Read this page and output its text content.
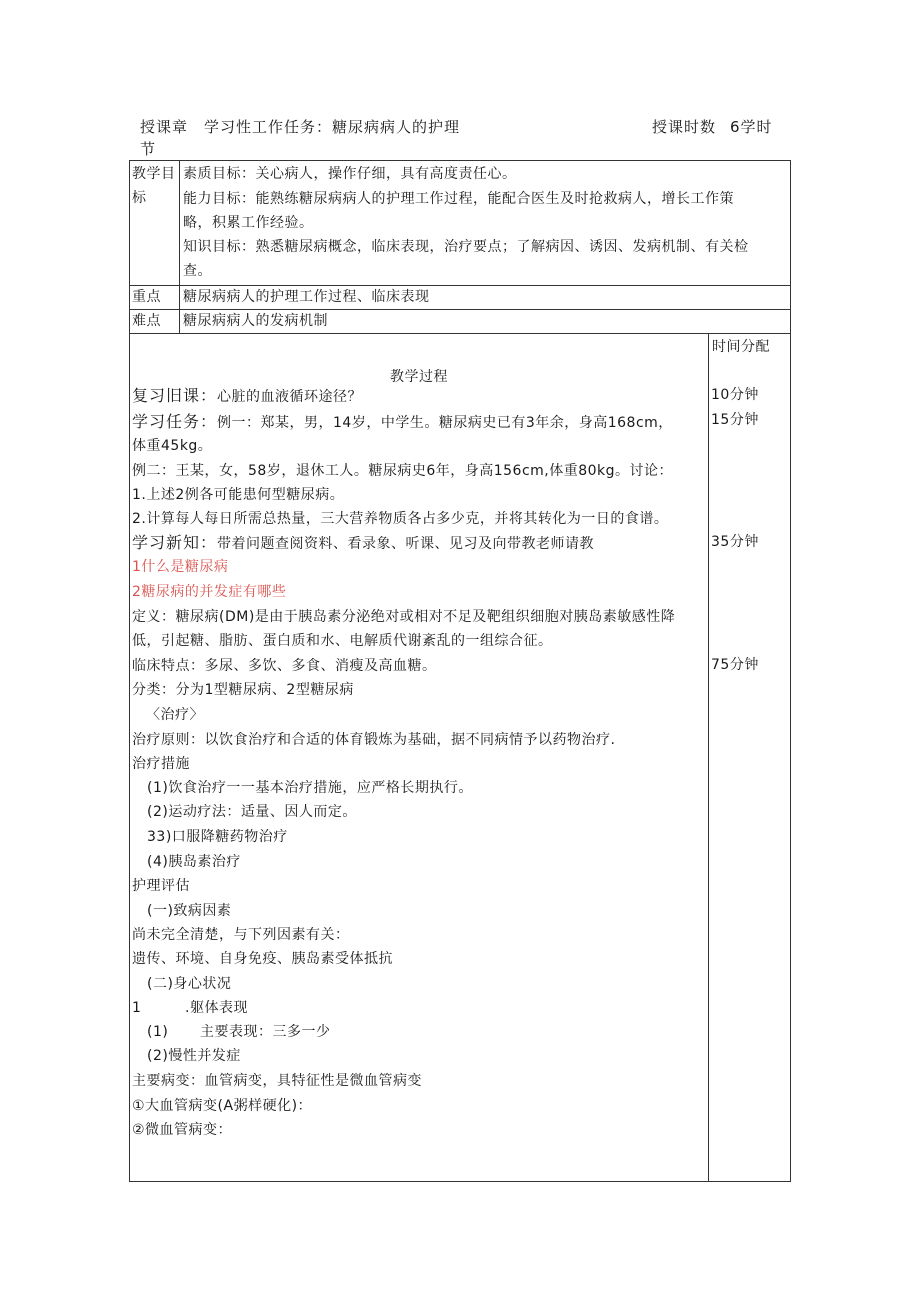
授课章
节
学习性工作任务：糖尿病病人的护理	授课时数 6学时
教学目
标
素质目标：关心病人，操作仔细，具有高度责任心。
能力目标：能熟练糖尿病病人的护理工作过程，能配合医生及时抢救病人，增长工作策
略，积累工作经验。
知识目标：熟悉糖尿病概念，临床表现，治疗要点；了解病因、诱因、发病机制、有关检
查。
重点 糖尿病病人的护理工作过程、临床表现
难点 糖尿病病人的发病机制
时间分配
教学过程
复习旧课：心脏的血液循环途径？
学习任务：例一：郑某，男，14岁，中学生。糖尿病史已有3年余，身高168cm，
体重45kg。
例二：王某，女，58岁，退休工人。糖尿病史6年，身高156cm,体重80kg。讨论：
1.上述2例各可能患何型糖尿病。
2.计算每人每日所需总热量，三大营养物质各占多少克，并将其转化为一日的食谱。
学习新知：带着问题查阅资料、看录象、听课、见习及向带教老师请教
1什么是糖尿病
2糖尿病的并发症有哪些
定义：糖尿病(DM)是由于胰岛素分泌绝对或相对不足及靶组织细胞对胰岛素敏感性降
低，引起糖、脂肪、蛋白质和水、电解质代谢紊乱的一组综合征。
临床特点：多尿、多饮、多食、消瘦及高血糖。
分类：分为1型糖尿病、2型糖尿病
〈治疗〉
治疗原则：以饮食治疗和合适的体育锻炼为基础，据不同病情予以药物治疗.
治疗措施
(1)饮食治疗一一基本治疗措施，应严格长期执行。
(2)运动疗法：适量、因人而定。
33)口服降糖药物治疗
(4)胰岛素治疗
护理评估
(一)致病因素
尚未完全清楚，与下列因素有关：
遗传、环境、自身免疫、胰岛素受体抵抗
(二)身心状况
1	.躯体表现
(1) 主要表现：三多一少
(2)慢性并发症
主要病变：血管病变，具特征性是微血管病变
①大血管病变(A粥样硬化)：
②微血管病变：
10分钟
15分钟
35分钟
75分钟
